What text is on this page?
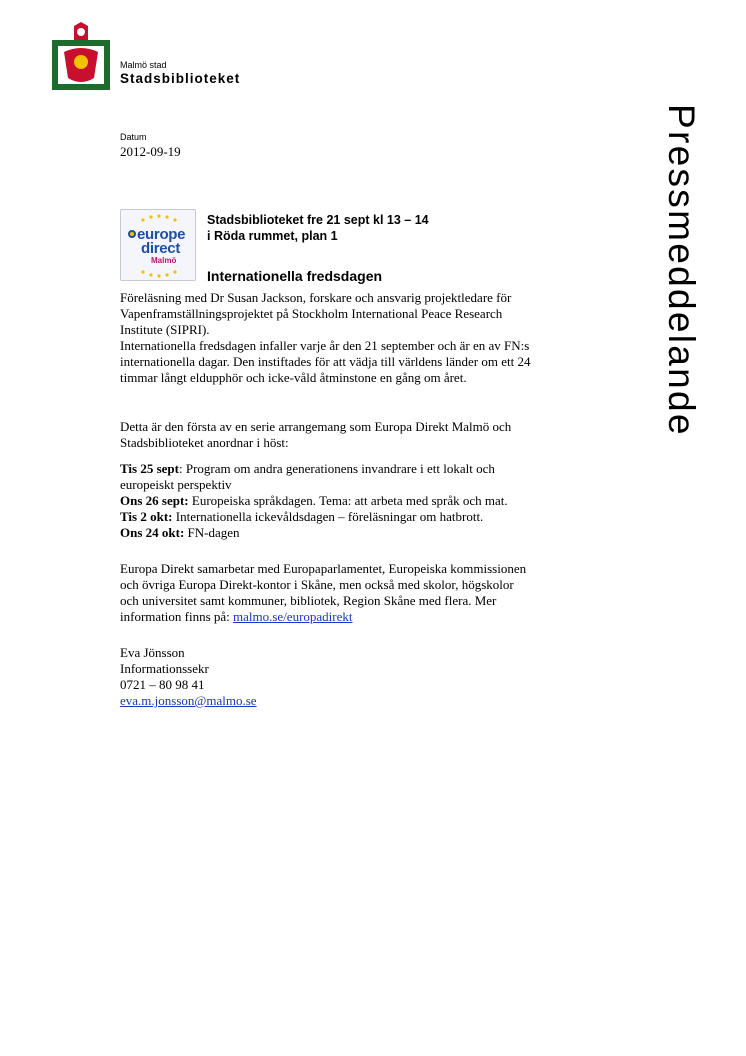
Malmö stad
Stadsbiblioteket
Pressmeddelande
Datum
2012-09-19
europe
direct
Malmö
Stadsbiblioteket fre 21 sept kl 13 – 14
i Röda rummet, plan 1
Internationella fredsdagen

Föreläsning med Dr Susan Jackson, forskare och ansvarig projektledare för

Vapenframställningsprojektet på Stockholm International Peace Research

Institute (SIPRI).

Internationella fredsdagen infaller varje år den 21 september och är en av FN:s

internationella dagar. Den instiftades för att vädja till världens länder om ett 24

timmar långt eldupphör och icke-våld åtminstone en gång om året.

Detta är den första av en serie arrangemang som Europa Direkt Malmö och

Stadsbiblioteket anordnar i höst:

Tis 25 sept: Program om andra generationens invandrare i ett lokalt och

europeiskt perspektiv

Ons 26 sept: Europeiska språkdagen. Tema: att arbeta med språk och mat.

Tis 2 okt: Internationella ickevåldsdagen – föreläsningar om hatbrott.

Ons 24 okt: FN-dagen

Europa Direkt samarbetar med Europaparlamentet, Europeiska kommissionen

och övriga Europa Direkt-kontor i Skåne, men också med skolor, högskolor

och universitet samt kommuner, bibliotek, Region Skåne med flera. Mer

information finns på: malmo.se/europadirekt

Eva Jönsson

Informationssekr

0721 – 80 98 41

eva.m.jonsson@malmo.se
